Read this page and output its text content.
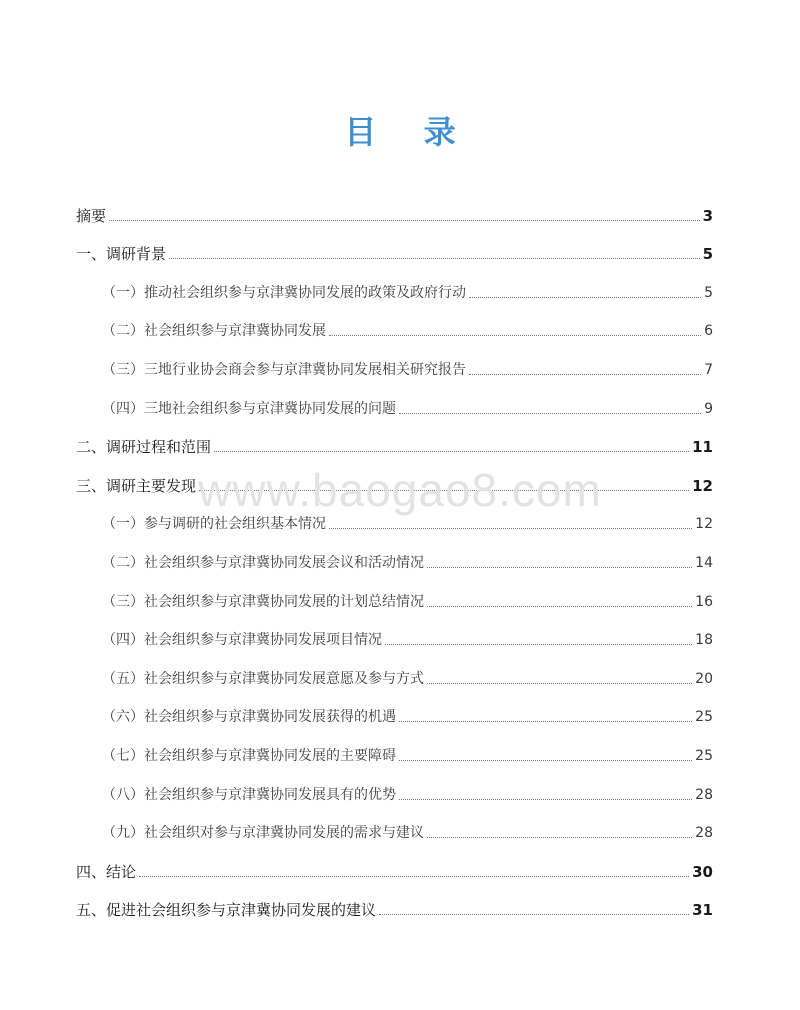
目 录
摘要	3
一、调研背景	5
（一）推动社会组织参与京津冀协同发展的政策及政府行动	5
（二）社会组织参与京津冀协同发展	6
（三）三地行业协会商会参与京津冀协同发展相关研究报告	7
（四）三地社会组织参与京津冀协同发展的问题	9
二、调研过程和范围	11
三、调研主要发现	12
（一）参与调研的社会组织基本情况	12
（二）社会组织参与京津冀协同发展会议和活动情况	14
（三）社会组织参与京津冀协同发展的计划总结情况	16
（四）社会组织参与京津冀协同发展项目情况	18
（五）社会组织参与京津冀协同发展意愿及参与方式	20
（六）社会组织参与京津冀协同发展获得的机遇	25
（七）社会组织参与京津冀协同发展的主要障碍	25
（八）社会组织参与京津冀协同发展具有的优势	28
（九）社会组织对参与京津冀协同发展的需求与建议	28
四、结论	30
五、促进社会组织参与京津冀协同发展的建议	31
www.baogao8.com
